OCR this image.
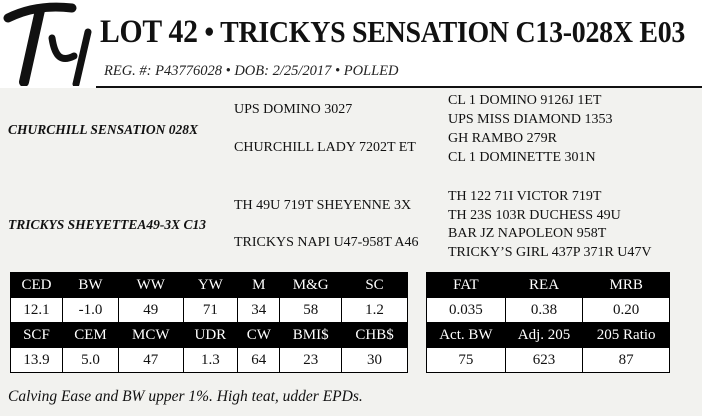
LOT 42 • TRICKYS SENSATION C13-028X E03
REG. #: P43776028 • DOB: 2/25/2017 • POLLED
CHURCHILL SENSATION 028X
UPS DOMINO 3027
CHURCHILL LADY 7202T ET
CL 1 DOMINO 9126J 1ET
UPS MISS DIAMOND 1353
GH RAMBO 279R
CL 1 DOMINETTE 301N
TRICKYS SHEYETTEA49-3X C13
TH 49U 719T SHEYENNE 3X
TRICKYS NAPI U47-958T A46
TH 122 71I VICTOR 719T
TH 23S 103R DUCHESS 49U
BAR JZ NAPOLEON 958T
TRICKY’S GIRL 437P 371R U47V
CED	BW	WW	YW	M	M&G	SC
12.1	-1.0	49	71	34	58	1.2
SCF	CEM	MCW	UDR	CW	BMI$	CHB$
13.9	5.0	47	1.3	64	23	30
FAT	REA	MRB
0.035	0.38	0.20
Act. BW	Adj. 205	205 Ratio
75	623	87
Calving Ease and BW upper 1%. High teat, udder EPDs.
